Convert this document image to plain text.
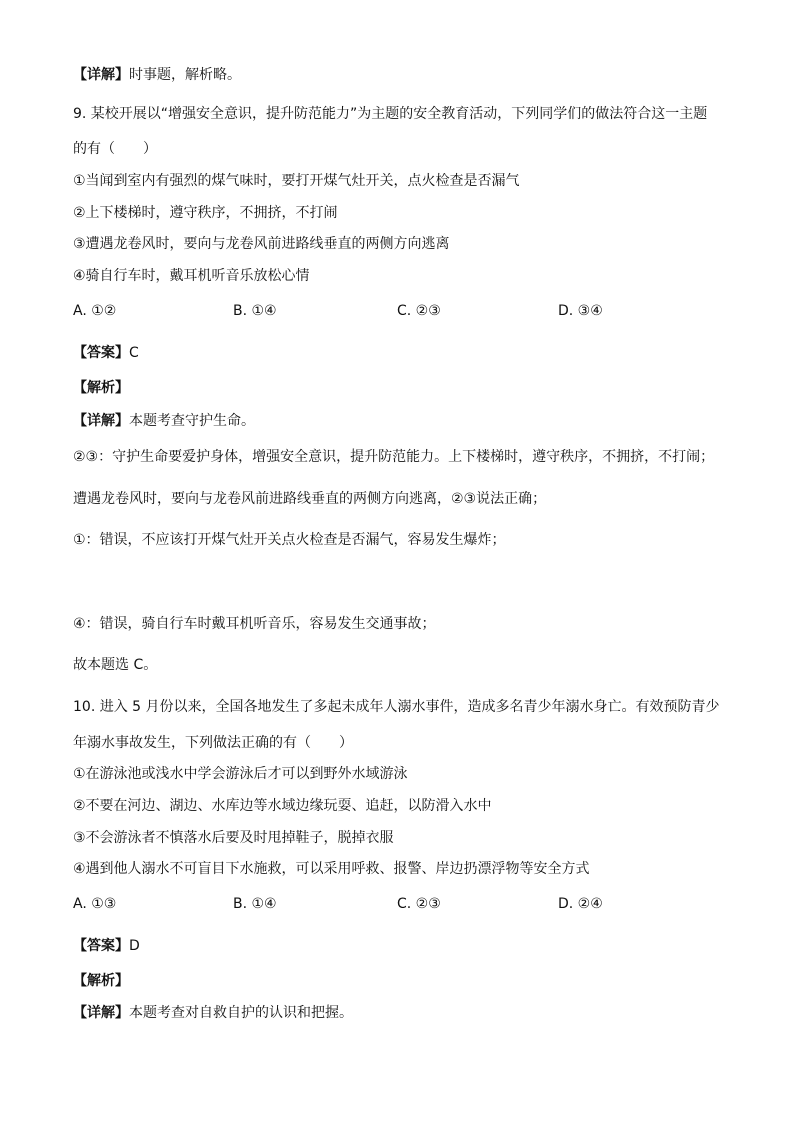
【详解】时事题，解析略。
9. 某校开展以“增强安全意识，提升防范能力”为主题的安全教育活动，下列同学们的做法符合这一主题
的有（　　）
①当闻到室内有强烈的煤气味时，要打开煤气灶开关，点火检查是否漏气
②上下楼梯时，遵守秩序，不拥挤，不打闹
③遭遇龙卷风时，要向与龙卷风前进路线垂直的两侧方向逃离
④骑自行车时，戴耳机听音乐放松心情
A. ①②	B. ①④	C. ②③	D. ③④
【答案】C
【解析】
【详解】本题考查守护生命。
②③：守护生命要爱护身体，增强安全意识，提升防范能力。上下楼梯时，遵守秩序，不拥挤，不打闹；
遭遇龙卷风时，要向与龙卷风前进路线垂直的两侧方向逃离，②③说法正确；
①：错误，不应该打开煤气灶开关点火检查是否漏气，容易发生爆炸；
④：错误，骑自行车时戴耳机听音乐，容易发生交通事故；
故本题选 C。
10. 进入 5 月份以来，全国各地发生了多起未成年人溺水事件，造成多名青少年溺水身亡。有效预防青少
年溺水事故发生，下列做法正确的有（　　）
①在游泳池或浅水中学会游泳后才可以到野外水域游泳
②不要在河边、湖边、水库边等水域边缘玩耍、追赶，以防滑入水中
③不会游泳者不慎落水后要及时甩掉鞋子，脱掉衣服
④遇到他人溺水不可盲目下水施救，可以采用呼救、报警、岸边扔漂浮物等安全方式
A. ①③	B. ①④	C. ②③	D. ②④
【答案】D
【解析】
【详解】本题考查对自救自护的认识和把握。
